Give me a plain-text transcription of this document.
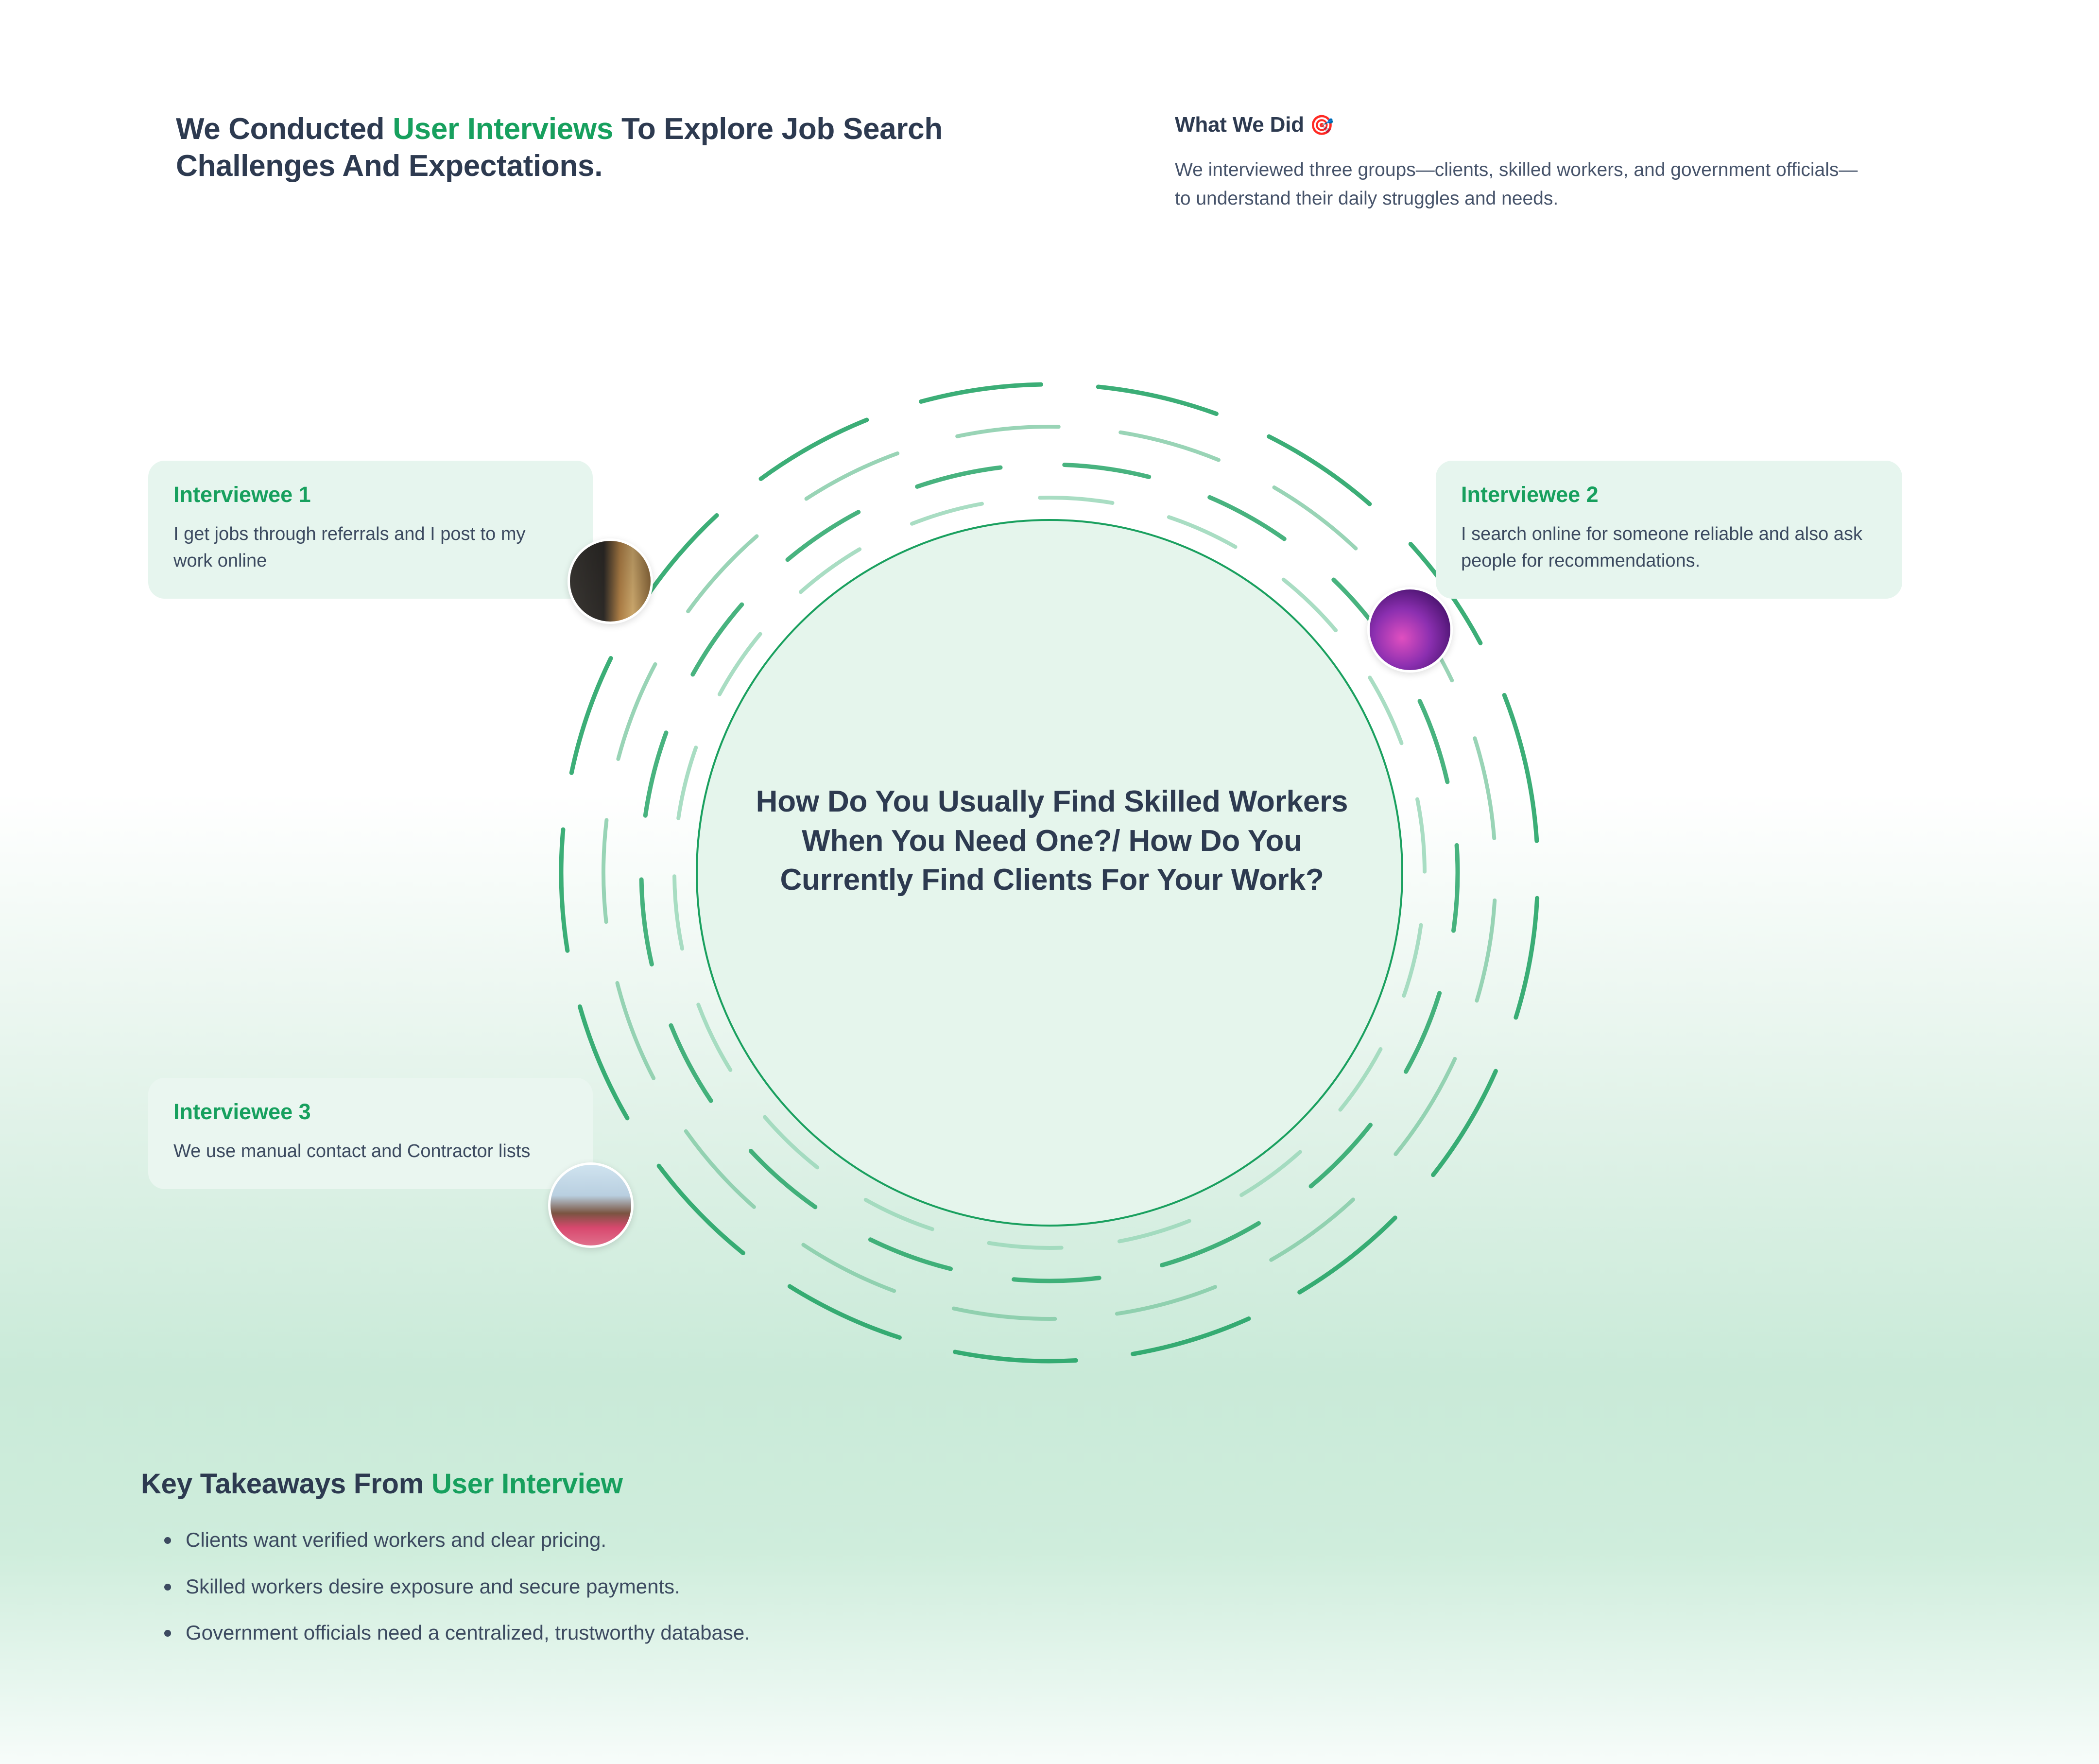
We Conducted User Interviews To Explore Job Search Challenges And Expectations.
What We Did 🎯

We interviewed three groups—clients, skilled workers, and government officials—to understand their daily struggles and needs.

How Do You Usually Find Skilled Workers When You Need One?/ How Do You Currently Find Clients For Your Work?
Interviewee 1
I get jobs through referrals and I post to my work online
Interviewee 2
I search online for someone reliable and also ask people for recommendations.
Interviewee 3
We use manual contact and Contractor lists
Key Takeaways From User Interview
Clients want verified workers and clear pricing.
Skilled workers desire exposure and secure payments.
Government officials need a centralized, trustworthy database.
